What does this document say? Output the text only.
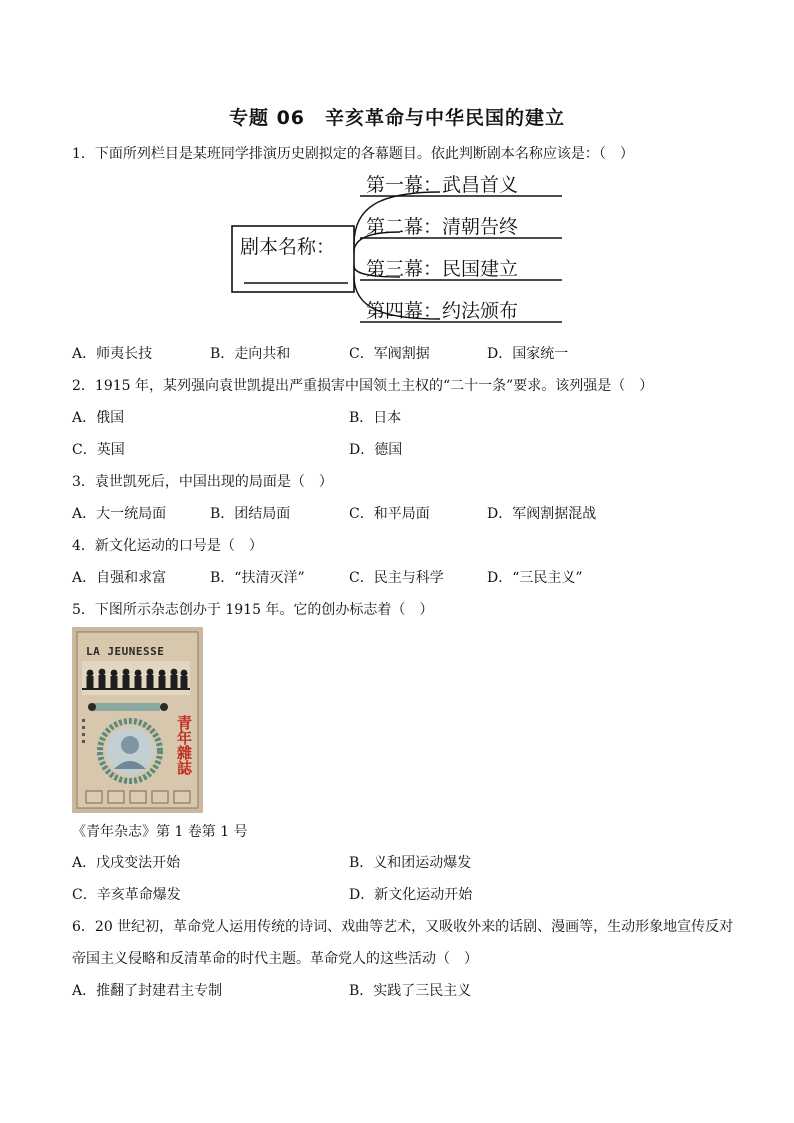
专题 06　辛亥革命与中华民国的建立
1．下面所列栏目是某班同学排演历史剧拟定的各幕题目。依此判断剧本名称应该是：（　）
剧本名称：
第一幕：武昌首义
第二幕：清朝告终
第三幕：民国建立
第四幕：约法颁布
A．师夷长技	B．走向共和	C．军阀割据	D．国家统一
2．1915 年，某列强向袁世凯提出严重损害中国领土主权的“二十一条”要求。该列强是（　）
A．俄国	B．日本
C．英国	D．德国
3．袁世凯死后，中国出现的局面是（　）
A．大一统局面	B．团结局面	C．和平局面	D．军阀割据混战
4．新文化运动的口号是（　）
A．自强和求富	B．“扶清灭洋”	C．民主与科学	D．“三民主义”
5．下图所示杂志创办于 1915 年。它的创办标志着（　）
LA JEUNESSE
青年雜誌
《青年杂志》第 1 卷第 1 号
A．戊戌变法开始	B．义和团运动爆发
C．辛亥革命爆发	D．新文化运动开始
6．20 世纪初，革命党人运用传统的诗词、戏曲等艺术，又吸收外来的话剧、漫画等，生动形象地宣传反对
帝国主义侵略和反清革命的时代主题。革命党人的这些活动（　）
A．推翻了封建君主专制	B．实践了三民主义
